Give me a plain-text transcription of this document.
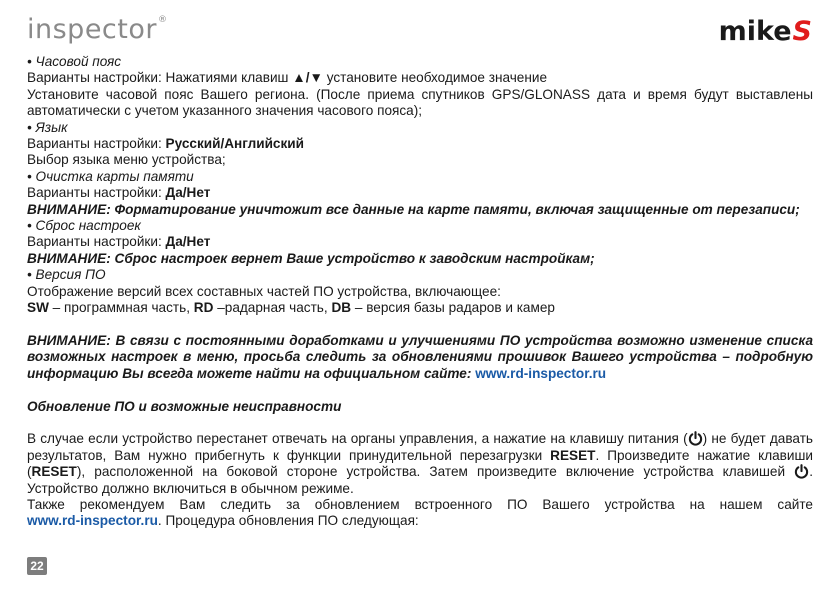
inspector®	mike S

• Часовой пояс

Варианты настройки: Нажатиями клавиш ▲/▼ установите необходимое значение

Установите часовой пояс Вашего региона. (После приема спутников GPS/GLONASS дата и время будут выставлены автоматически с учетом указанного значения часового пояса);

• Язык

Варианты настройки: Русский/Английский

Выбор языка меню устройства;

• Очистка карты памяти

Варианты настройки: Да/Нет

ВНИМАНИЕ: Форматирование уничтожит все данные на карте памяти, включая защищенные от перезаписи;

• Сброс настроек

Варианты настройки: Да/Нет

ВНИМАНИЕ: Сброс настроек вернет Ваше устройство к заводским настройкам;

• Версия ПО

Отображение версий всех составных частей ПО устройства, включающее:

SW – программная часть, RD –радарная часть, DB – версия базы радаров и камер

ВНИМАНИЕ: В связи с постоянными доработками и улучшениями ПО устройства возможно изменение списка возможных настроек в меню, просьба следить за обновлениями прошивок Вашего устройства – подробную информацию Вы всегда можете найти на официальном сайте: www.rd-inspector.ru

Обновление ПО и возможные неисправности

В случае если устройство перестанет отвечать на органы управления, а нажатие на клавишу питания ( ) не будет давать результатов, Вам нужно прибегнуть к функции принудительной перезагрузки RESET. Произведите нажатие клавиши (RESET), расположенной на боковой стороне устройства. Затем произведите включение устройства клавишей . Устройство должно включиться в обычном режиме.

Также рекомендуем Вам следить за обновлением встроенного ПО Вашего устройства на нашем сайте

www.rd-inspector.ru. Процедура обновления ПО следующая:

22
